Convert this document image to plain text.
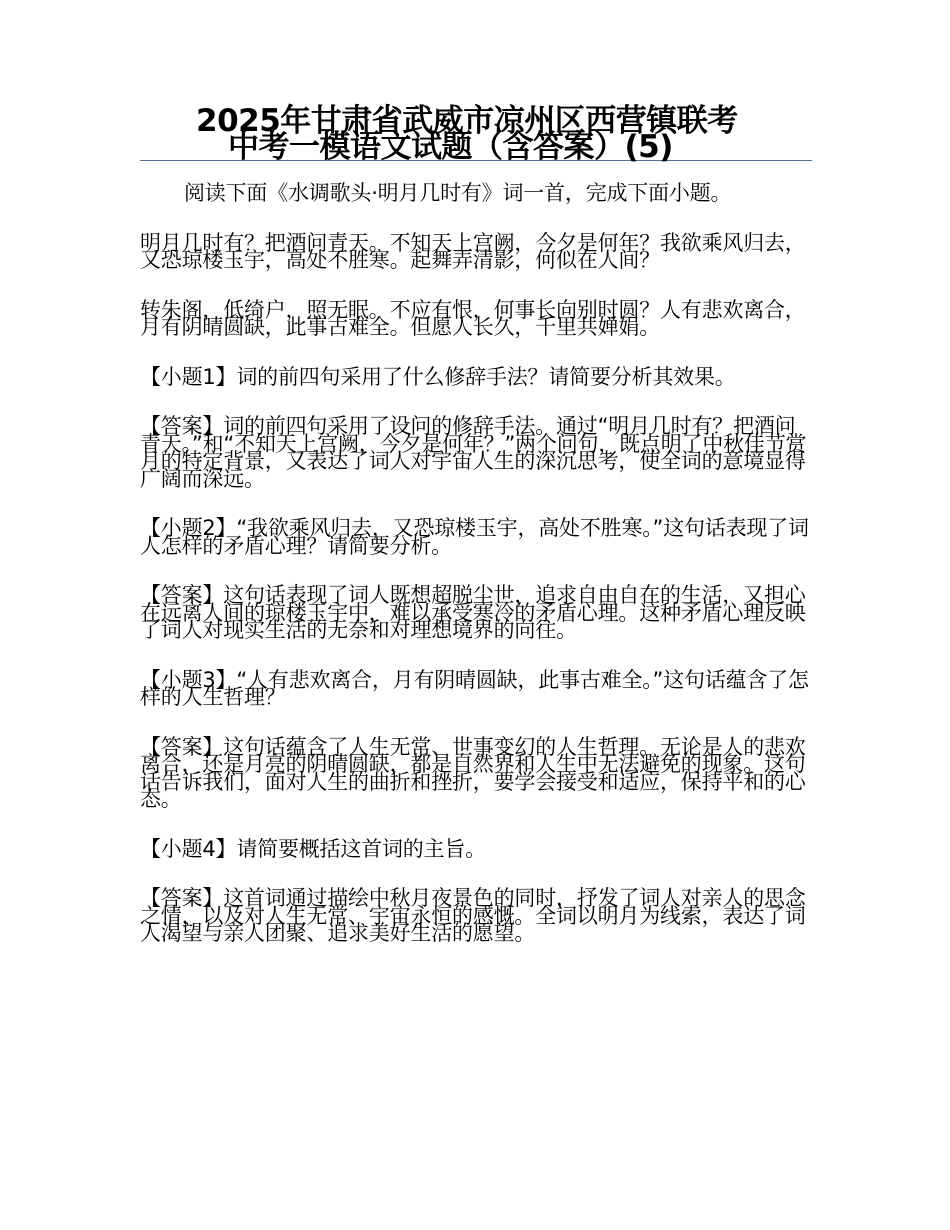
2025年甘肃省武威市凉州区西营镇联考
中考一模语文试题（含答案）(5)

阅读下面《水调歌头·明月几时有》词一首，完成下面小题。

明月几时有？把酒问青天。不知天上宫阙，今夕是何年？我欲乘风归去，又恐琼楼玉宇，高处不胜寒。起舞弄清影，何似在人间？

转朱阁，低绮户，照无眠。不应有恨，何事长向别时圆？人有悲欢离合，月有阴晴圆缺，此事古难全。但愿人长久，千里共婵娟。

【小题1】词的前四句采用了什么修辞手法？请简要分析其效果。

【答案】词的前四句采用了设问的修辞手法。通过“明月几时有？把酒问青天。”和“不知天上宫阙，今夕是何年？”两个问句，既点明了中秋佳节赏月的特定背景，又表达了词人对宇宙人生的深沉思考，使全词的意境显得广阔而深远。

【小题2】“我欲乘风归去，又恐琼楼玉宇，高处不胜寒。”这句话表现了词人怎样的矛盾心理？请简要分析。

【答案】这句话表现了词人既想超脱尘世，追求自由自在的生活，又担心在远离人间的琼楼玉宇中，难以承受寒冷的矛盾心理。这种矛盾心理反映了词人对现实生活的无奈和对理想境界的向往。

【小题3】“人有悲欢离合，月有阴晴圆缺，此事古难全。”这句话蕴含了怎样的人生哲理？

【答案】这句话蕴含了人生无常、世事变幻的人生哲理。无论是人的悲欢离合，还是月亮的阴晴圆缺，都是自然界和人生中无法避免的现象。这句话告诉我们，面对人生的曲折和挫折，要学会接受和适应，保持平和的心态。

【小题4】请简要概括这首词的主旨。

【答案】这首词通过描绘中秋月夜景色的同时，抒发了词人对亲人的思念之情，以及对人生无常、宇宙永恒的感慨。全词以明月为线索，表达了词人渴望与亲人团聚、追求美好生活的愿望。
